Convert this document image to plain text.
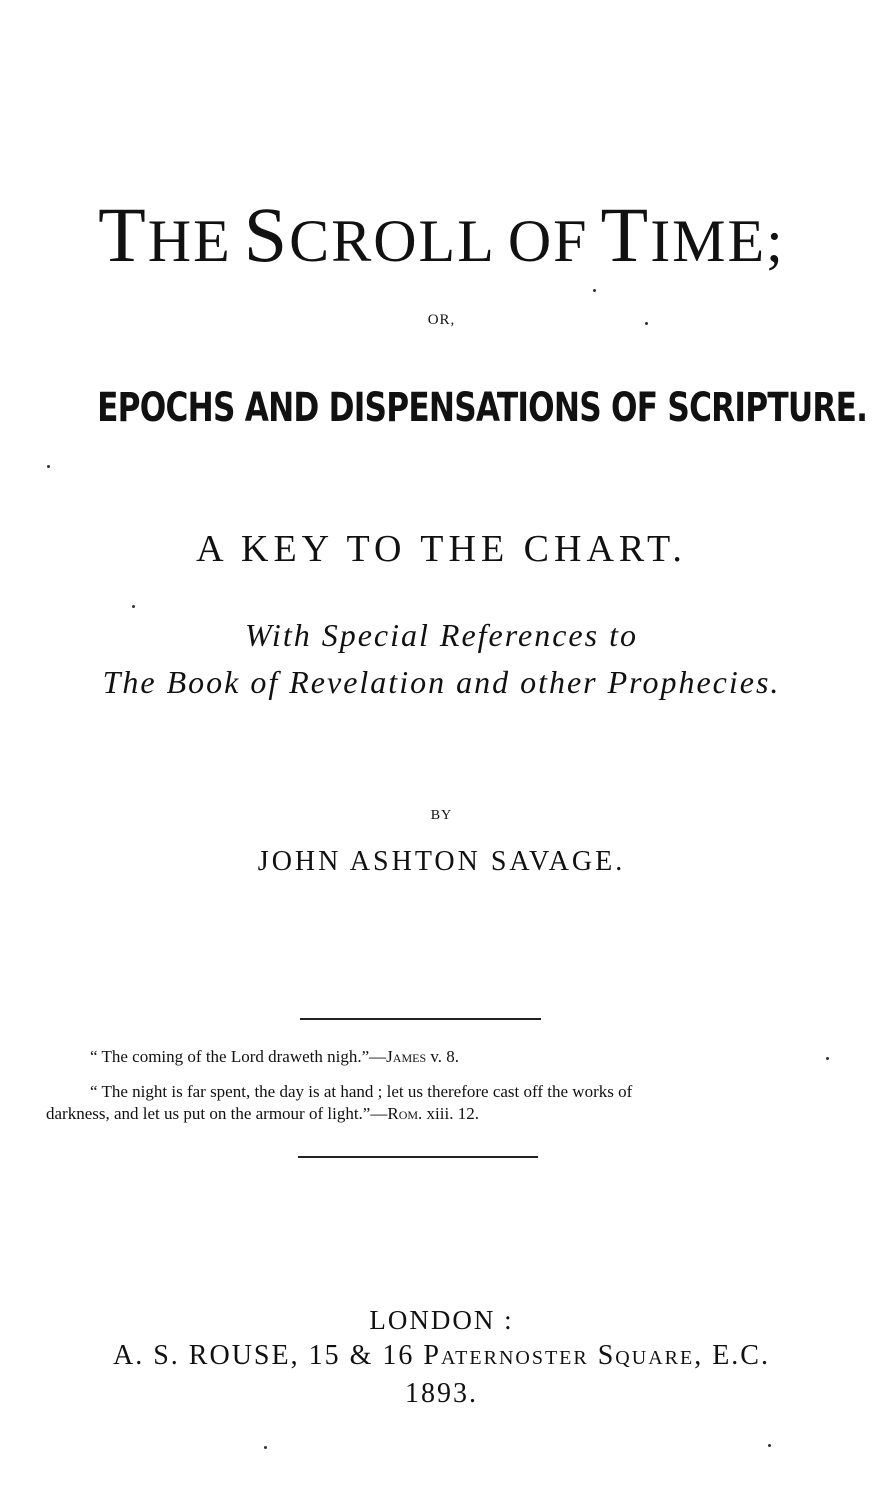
THE SCROLL OF TIME;
OR,
EPOCHS AND DISPENSATIONS OF SCRIPTURE.
A KEY TO THE CHART.
With Special References to
The Book of Revelation and other Prophecies.
BY
JOHN ASHTON SAVAGE.
“ The coming of the Lord draweth nigh.”—James v. 8.
“ The night is far spent, the day is at hand ; let us therefore cast off the works of
darkness, and let us put on the armour of light.”—Rom. xiii. 12.
LONDON :
A. S. ROUSE, 15 & 16 Paternoster Square, E.C.
1893.
